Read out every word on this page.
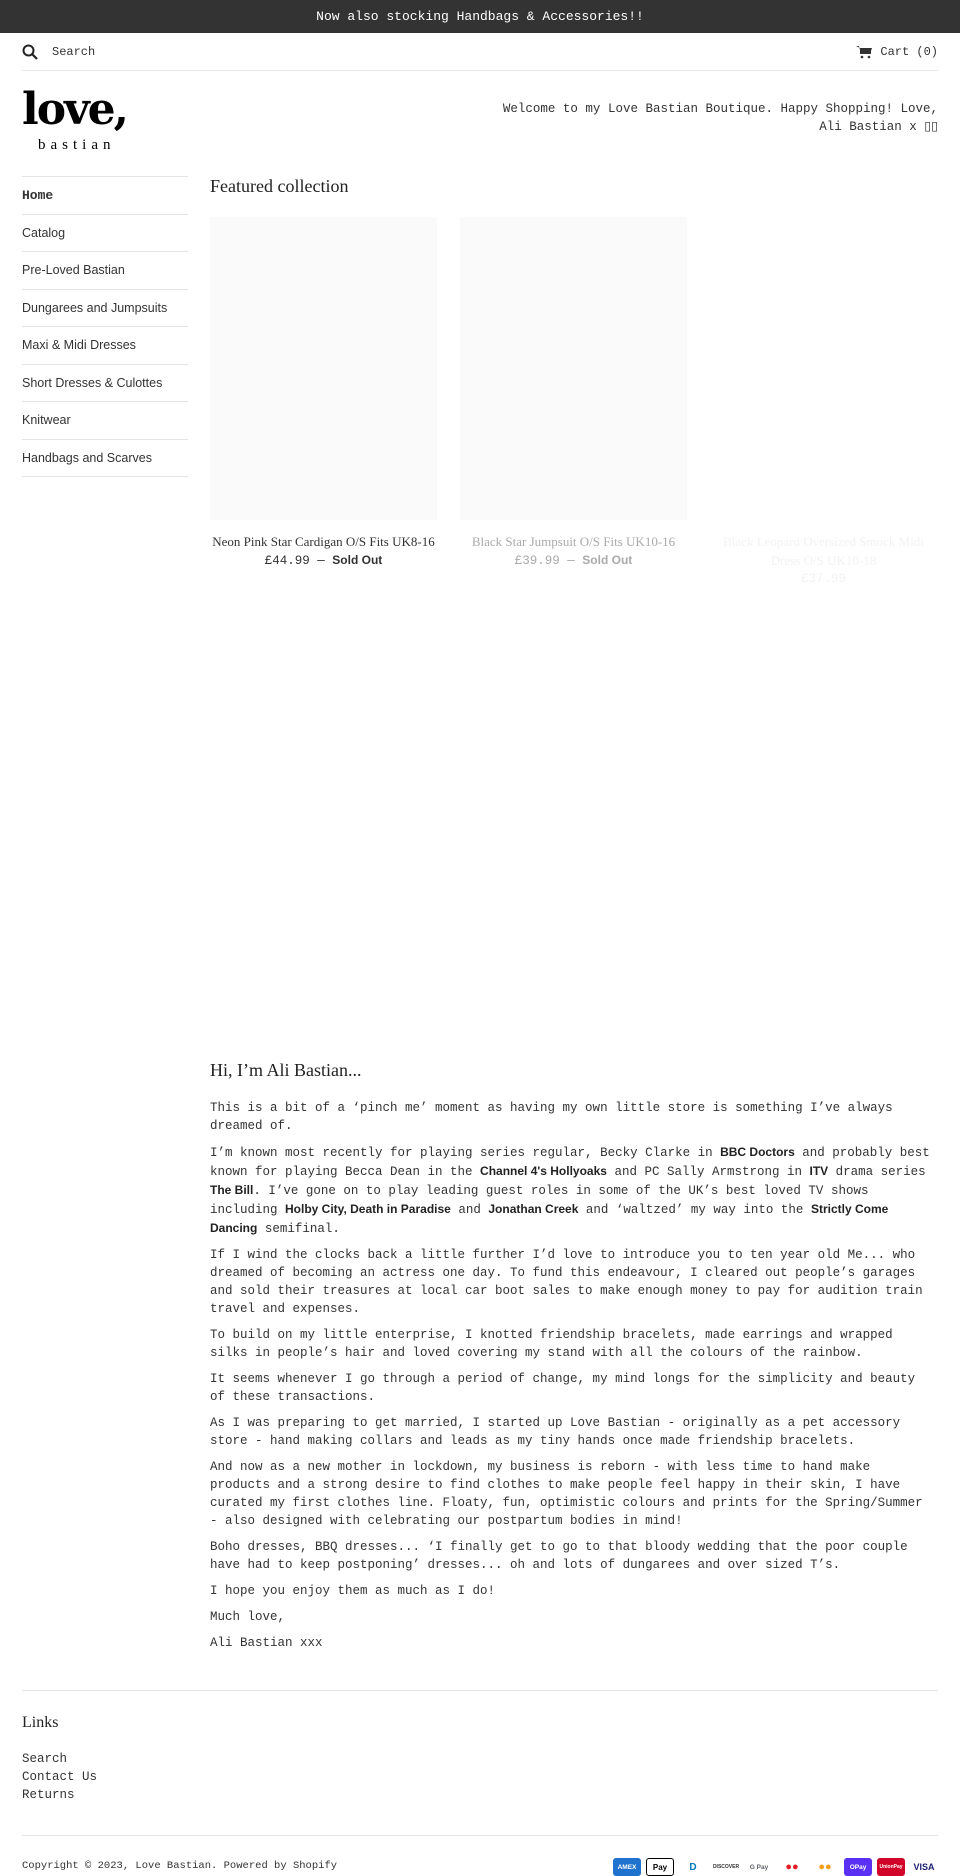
Now also stocking Handbags & Accessories!!
Search	Cart (0)
love,
bastian
Welcome to my Love Bastian Boutique. Happy Shopping! Love, Ali Bastian x ▯▯
Home
Catalog
Pre-Loved Bastian
Dungarees and Jumpsuits
Maxi & Midi Dresses
Short Dresses & Culottes
Knitwear
Handbags and Scarves
Featured collection
Neon Pink Star Cardigan O/S Fits UK8-16
£44.99 — Sold Out
Black Star Jumpsuit O/S Fits UK10-16
£39.99 — Sold Out
Black Leopard Oversized Smock Midi Dress O/S UK10-18
£37.99
Hi, I’m Ali Bastian...

This is a bit of a ‘pinch me’ moment as having my own little store is something I’ve always dreamed of.

I’m known most recently for playing series regular, Becky Clarke in BBC Doctors and probably best known for playing Becca Dean in the Channel 4's Hollyoaks and PC Sally Armstrong in ITV drama series The Bill. I’ve gone on to play leading guest roles in some of the UK’s best loved TV shows including Holby City, Death in Paradise and Jonathan Creek and ‘waltzed’ my way into the Strictly Come Dancing semifinal.

If I wind the clocks back a little further I’d love to introduce you to ten year old Me... who dreamed of becoming an actress one day. To fund this endeavour, I cleared out people’s garages and sold their treasures at local car boot sales to make enough money to pay for audition train travel and expenses.

To build on my little enterprise, I knotted friendship bracelets, made earrings and wrapped silks in people’s hair and loved covering my stand with all the colours of the rainbow.

It seems whenever I go through a period of change, my mind longs for the simplicity and beauty of these transactions.

As I was preparing to get married, I started up Love Bastian - originally as a pet accessory store - hand making collars and leads as my tiny hands once made friendship bracelets.

And now as a new mother in lockdown, my business is reborn - with less time to hand make products and a strong desire to find clothes to make people feel happy in their skin, I have curated my first clothes line. Floaty, fun, optimistic colours and prints for the Spring/Summer - also designed with celebrating our postpartum bodies in mind!

Boho dresses, BBQ dresses... ‘I finally get to go to that bloody wedding that the poor couple have had to keep postponing’ dresses... oh and lots of dungarees and over sized T’s.

I hope you enjoy them as much as I do!

Much love,

Ali Bastian xxx

Links
Search
Contact Us
Returns
Copyright © 2023, Love Bastian. Powered by Shopify	AMEX	Pay	D	DISCOVER	G Pay	●●	●●	OPay	UnionPay	VISA
